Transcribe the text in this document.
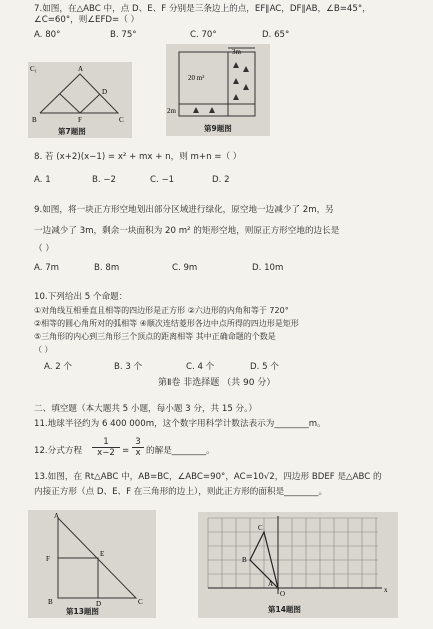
7.如图，在△ABC 中，点 D、E、F 分别是三条边上的点，EF∥AC，DF∥AB，∠B=45°，
∠C=60°，则∠EFD=（ ）
A. 80°	B. 75°	C. 70°	D. 65°
C₁	A
D
B	F	C
第7题图
3m
20 m²
2m
第9题图
8. 若 (x+2)(x−1) = x² + mx + n，则 m+n =（ ）
A. 1	B. −2	C. −1	D. 2
9.如图，将一块正方形空地划出部分区域进行绿化，原空地一边减少了 2m，另
一边减少了 3m，剩余一块面积为 20 m² 的矩形空地，则原正方形空地的边长是
（ ）
A. 7m	B. 8m	C. 9m	D. 10m
10.下列给出 5 个命题：
①对角线互相垂直且相等的四边形是正方形 ②六边形的内角和等于 720°
②相等的圆心角所对的弧相等 ④顺次连结菱形各边中点所得的四边形是矩形
⑤三角形的内心到三角形三个顶点的距离相等 其中正确命题的个数是
（ ）
A. 2 个	B. 3 个	C. 4 个	D. 5 个
第Ⅱ卷 非选择题 （共 90 分）
二、填空题（本大题共 5 小题，每小题 3 分，共 15 分。）
11.地球半径约为 6 400 000m，这个数字用科学计数法表示为________m。
12.分式方程 $\frac{1}{x-2} = \frac{3}{x}$ 的解是________。
13.如图，在 Rt△ABC 中，AB=BC，∠ABC=90°，AC=10√2，四边形 BDEF 是△ABC 的
内接正方形（点 D、E、F 在三角形的边上），则此正方形的面积是________。
A
F
E
B	D	C
第13题图
C
B
A
O	x
第14题图
